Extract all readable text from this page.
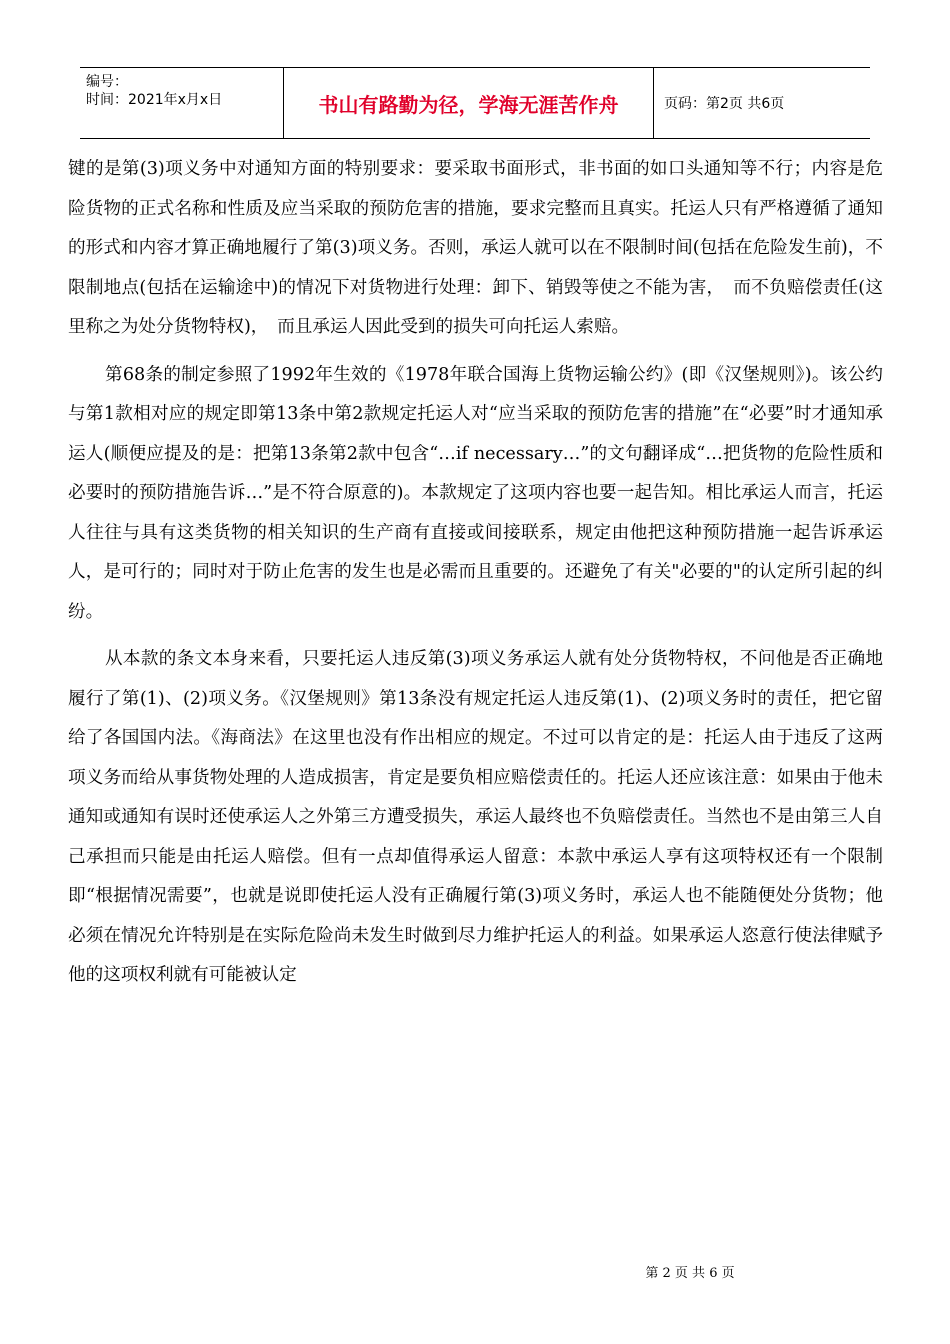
编号：
时间：2021年x月x日	书山有路勤为径，学海无涯苦作舟	页码：第2页 共6页

键的是第(3)项义务中对通知方面的特别要求：要采取书面形式，非书面的如口头通知等不行；内容是危险货物的正式名称和性质及应当采取的预防危害的措施，要求完整而且真实。托运人只有严格遵循了通知的形式和内容才算正确地履行了第(3)项义务。否则，承运人就可以在不限制时间(包括在危险发生前)，不限制地点(包括在运输途中)的情况下对货物进行处理：卸下、销毁等使之不能为害，　而不负赔偿责任(这里称之为处分货物特权)，　而且承运人因此受到的损失可向托运人索赔。

第68条的制定参照了1992年生效的《1978年联合国海上货物运输公约》(即《汉堡规则》)。该公约与第1款相对应的规定即第13条中第2款规定托运人对“应当采取的预防危害的措施”在“必要”时才通知承运人(顺便应提及的是：把第13条第2款中包含“…if necessary…”的文句翻译成“…把货物的危险性质和必要时的预防措施告诉…”是不符合原意的)。本款规定了这项内容也要一起告知。相比承运人而言，托运人往往与具有这类货物的相关知识的生产商有直接或间接联系，规定由他把这种预防措施一起告诉承运人，是可行的；同时对于防止危害的发生也是必需而且重要的。还避免了有关"必要的"的认定所引起的纠纷。

从本款的条文本身来看，只要托运人违反第(3)项义务承运人就有处分货物特权，不问他是否正确地履行了第(1)、(2)项义务。《汉堡规则》第13条没有规定托运人违反第(1)、(2)项义务时的责任，把它留给了各国国内法。《海商法》在这里也没有作出相应的规定。不过可以肯定的是：托运人由于违反了这两项义务而给从事货物处理的人造成损害，肯定是要负相应赔偿责任的。托运人还应该注意：如果由于他未通知或通知有误时还使承运人之外第三方遭受损失，承运人最终也不负赔偿责任。当然也不是由第三人自己承担而只能是由托运人赔偿。但有一点却值得承运人留意：本款中承运人享有这项特权还有一个限制即“根据情况需要”，也就是说即使托运人没有正确履行第(3)项义务时，承运人也不能随便处分货物；他必须在情况允许特别是在实际危险尚未发生时做到尽力维护托运人的利益。如果承运人恣意行使法律赋予他的这项权利就有可能被认定

第 2 页 共 6 页
